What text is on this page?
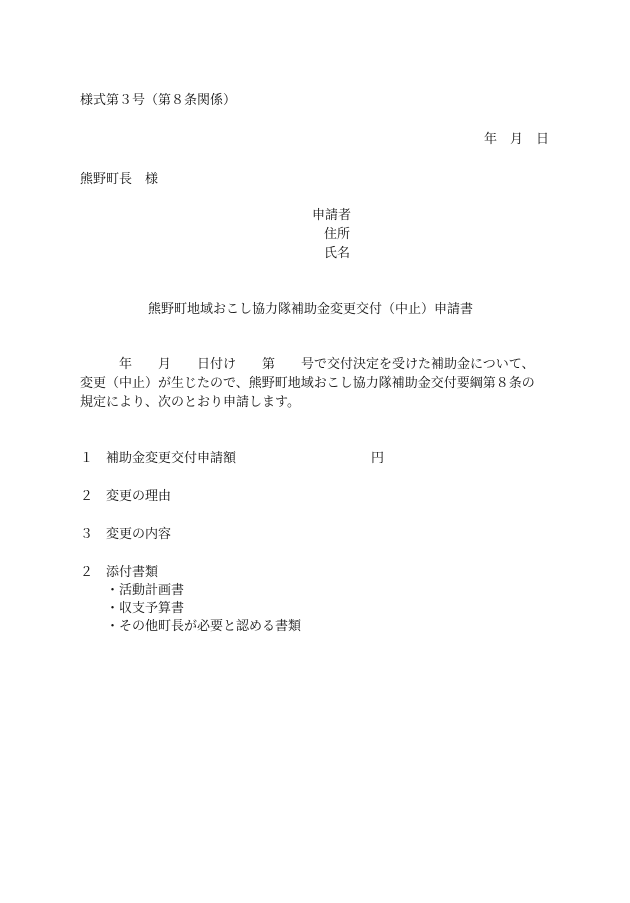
様式第３号（第８条関係）
年　月　日
熊野町長　様
申請者
住所
氏名
熊野町地域おこし協力隊補助金変更交付（中止）申請書
　　　年　　月　　日付け　　第　　号で交付決定を受けた補助金について、
変更（中止）が生じたので、熊野町地域おこし協力隊補助金交付要綱第８条の
規定により、次のとおり申請します。
１ 補助金変更交付申請額	円
２ 変更の理由
３ 変更の内容
２ 添付書類
・活動計画書
・収支予算書
・その他町長が必要と認める書類
